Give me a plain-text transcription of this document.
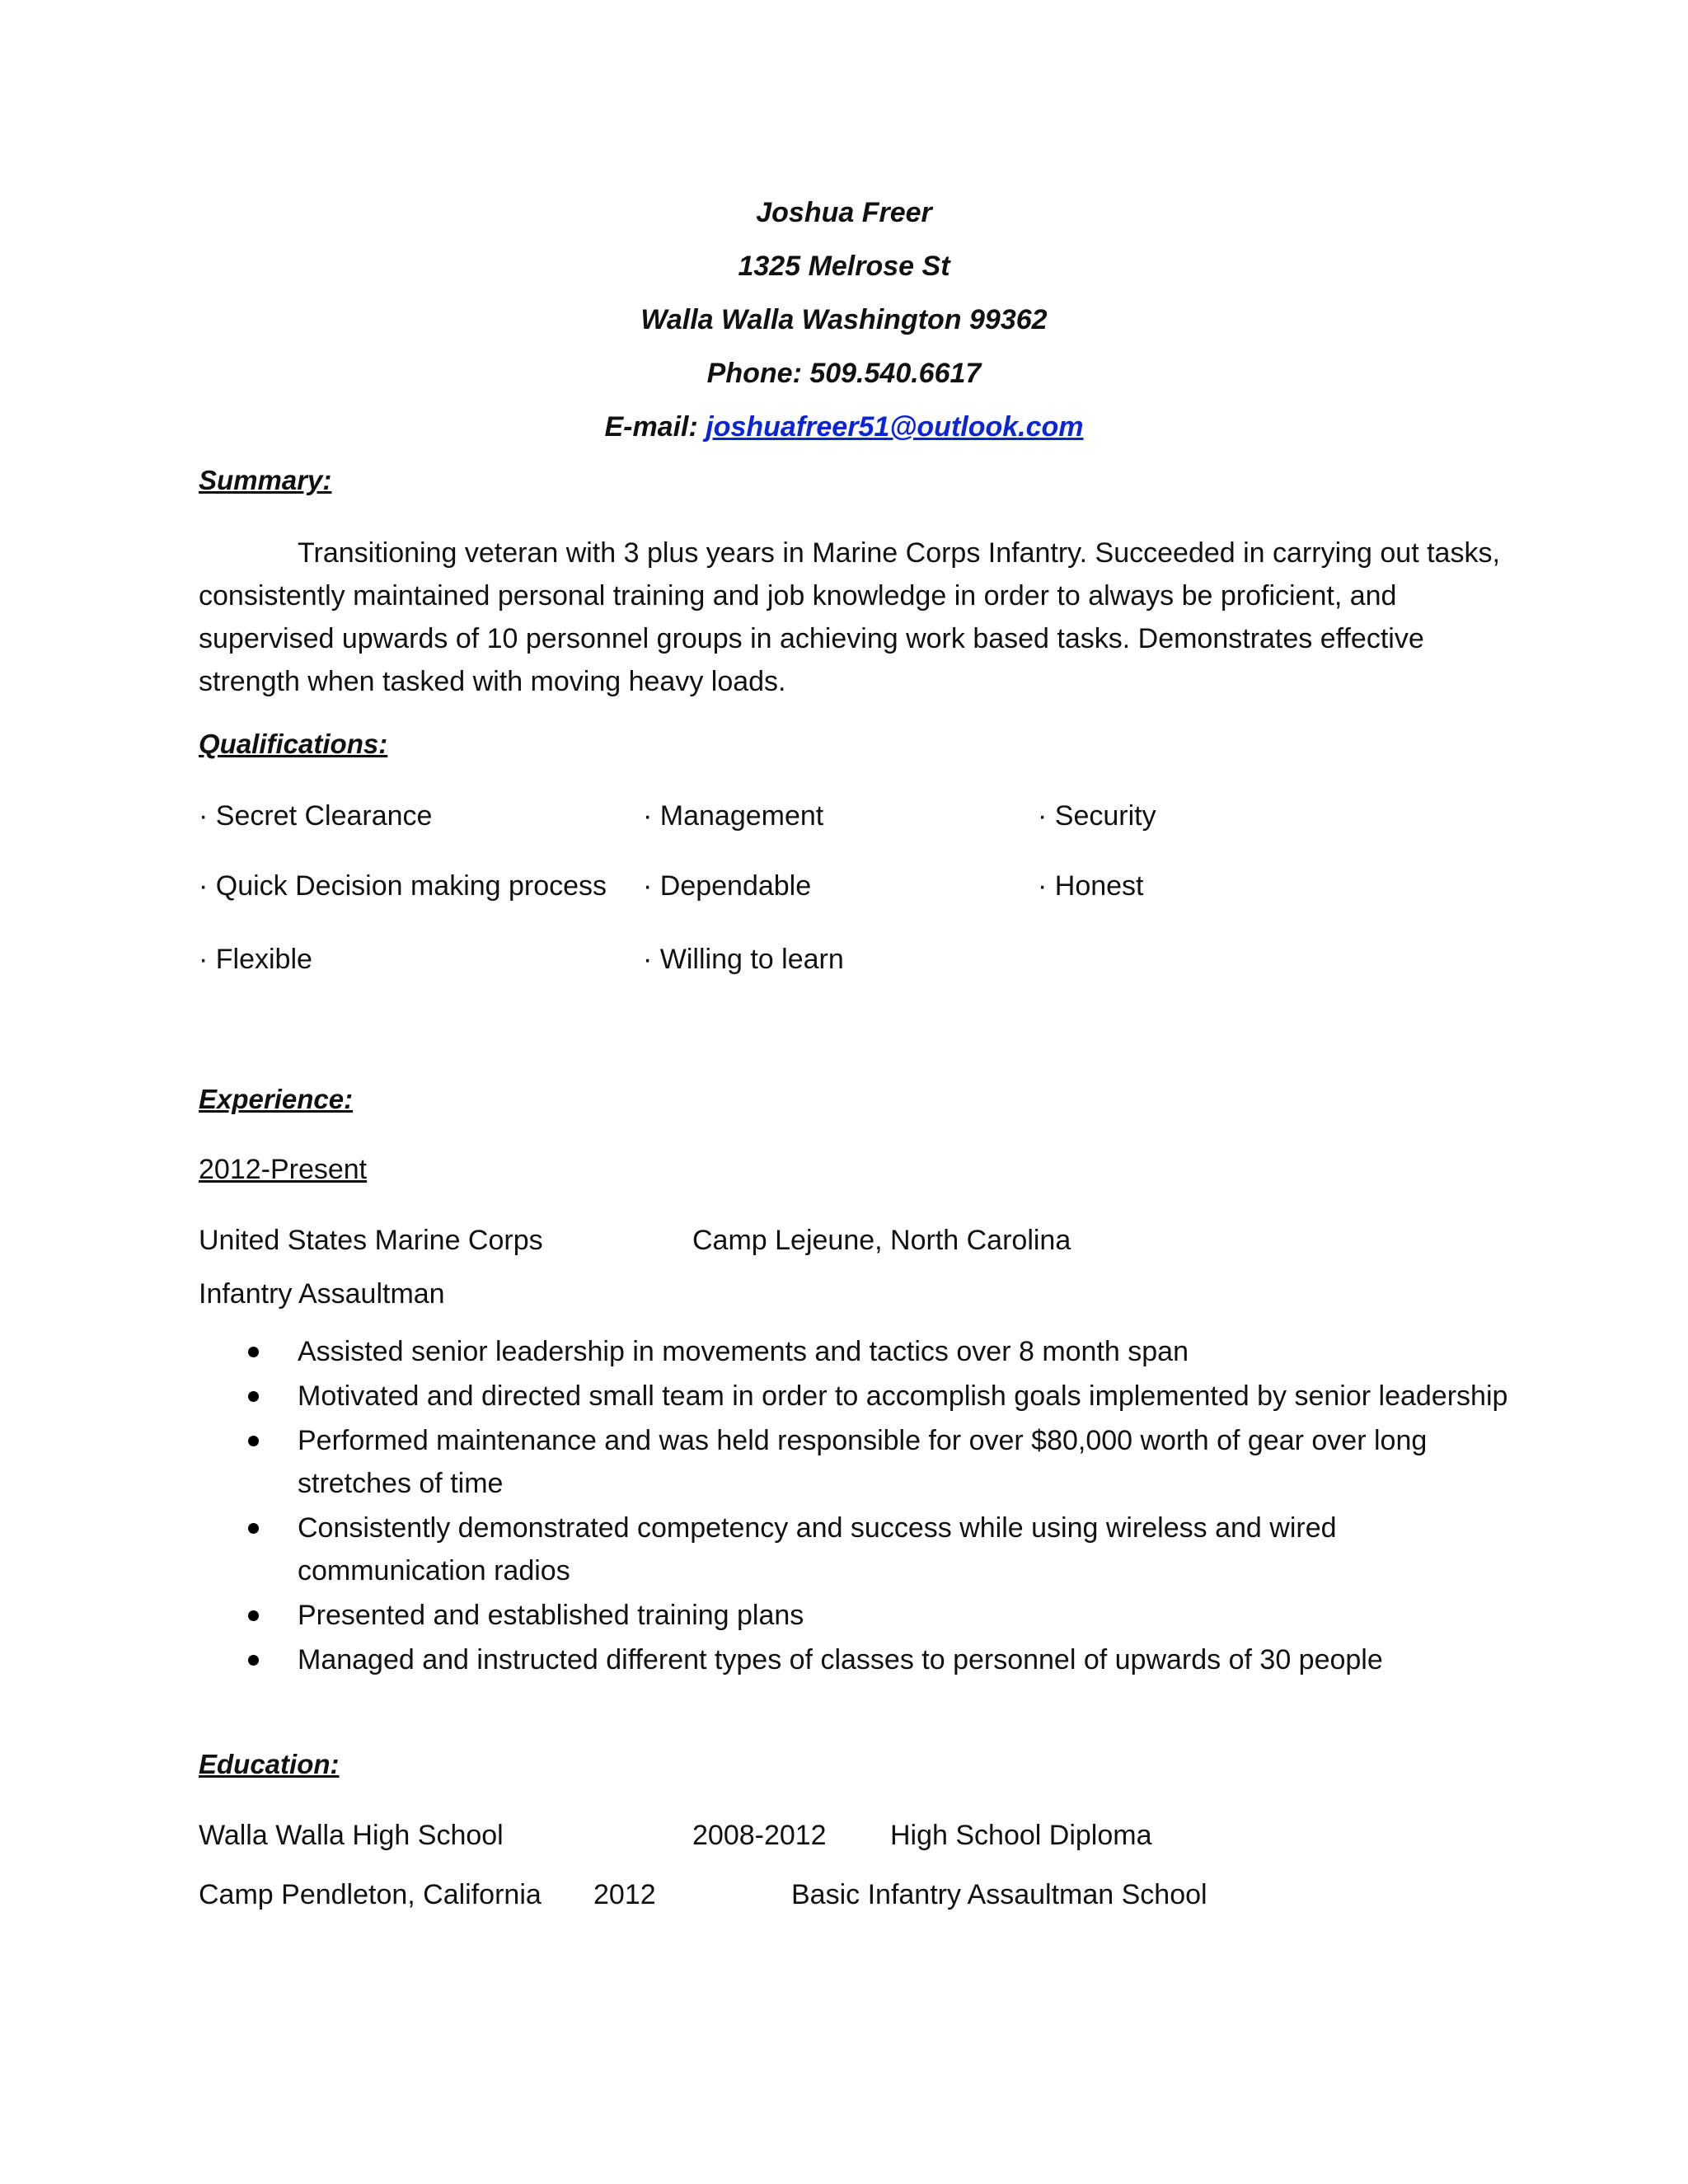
Joshua Freer
1325 Melrose St
Walla Walla Washington 99362
Phone: 509.540.6617
E-mail: joshuafreer51@outlook.com
Summary:
Transitioning veteran with 3 plus years in Marine Corps Infantry. Succeeded in carrying out tasks, consistently maintained personal training and job knowledge in order to always be proficient, and supervised upwards of 10 personnel groups in achieving work based tasks. Demonstrates effective strength when tasked with moving heavy loads.
Qualifications:
· Secret Clearance	· Management	· Security
· Quick Decision making process · Dependable	· Honest
· Flexible	· Willing to learn
Experience:
2012-Present
United States Marine Corps	Camp Lejeune, North Carolina
Infantry Assaultman
Assisted senior leadership in movements and tactics over 8 month span
Motivated and directed small team in order to accomplish goals implemented by senior leadership
Performed maintenance and was held responsible for over $80,000 worth of gear over long stretches of time
Consistently demonstrated competency and success while using wireless and wired communication radios
Presented and established training plans
Managed and instructed different types of classes to personnel of upwards of 30 people
Education:
Walla Walla High School	2008-2012 High School Diploma
Camp Pendleton, California 2012	Basic Infantry Assaultman School
